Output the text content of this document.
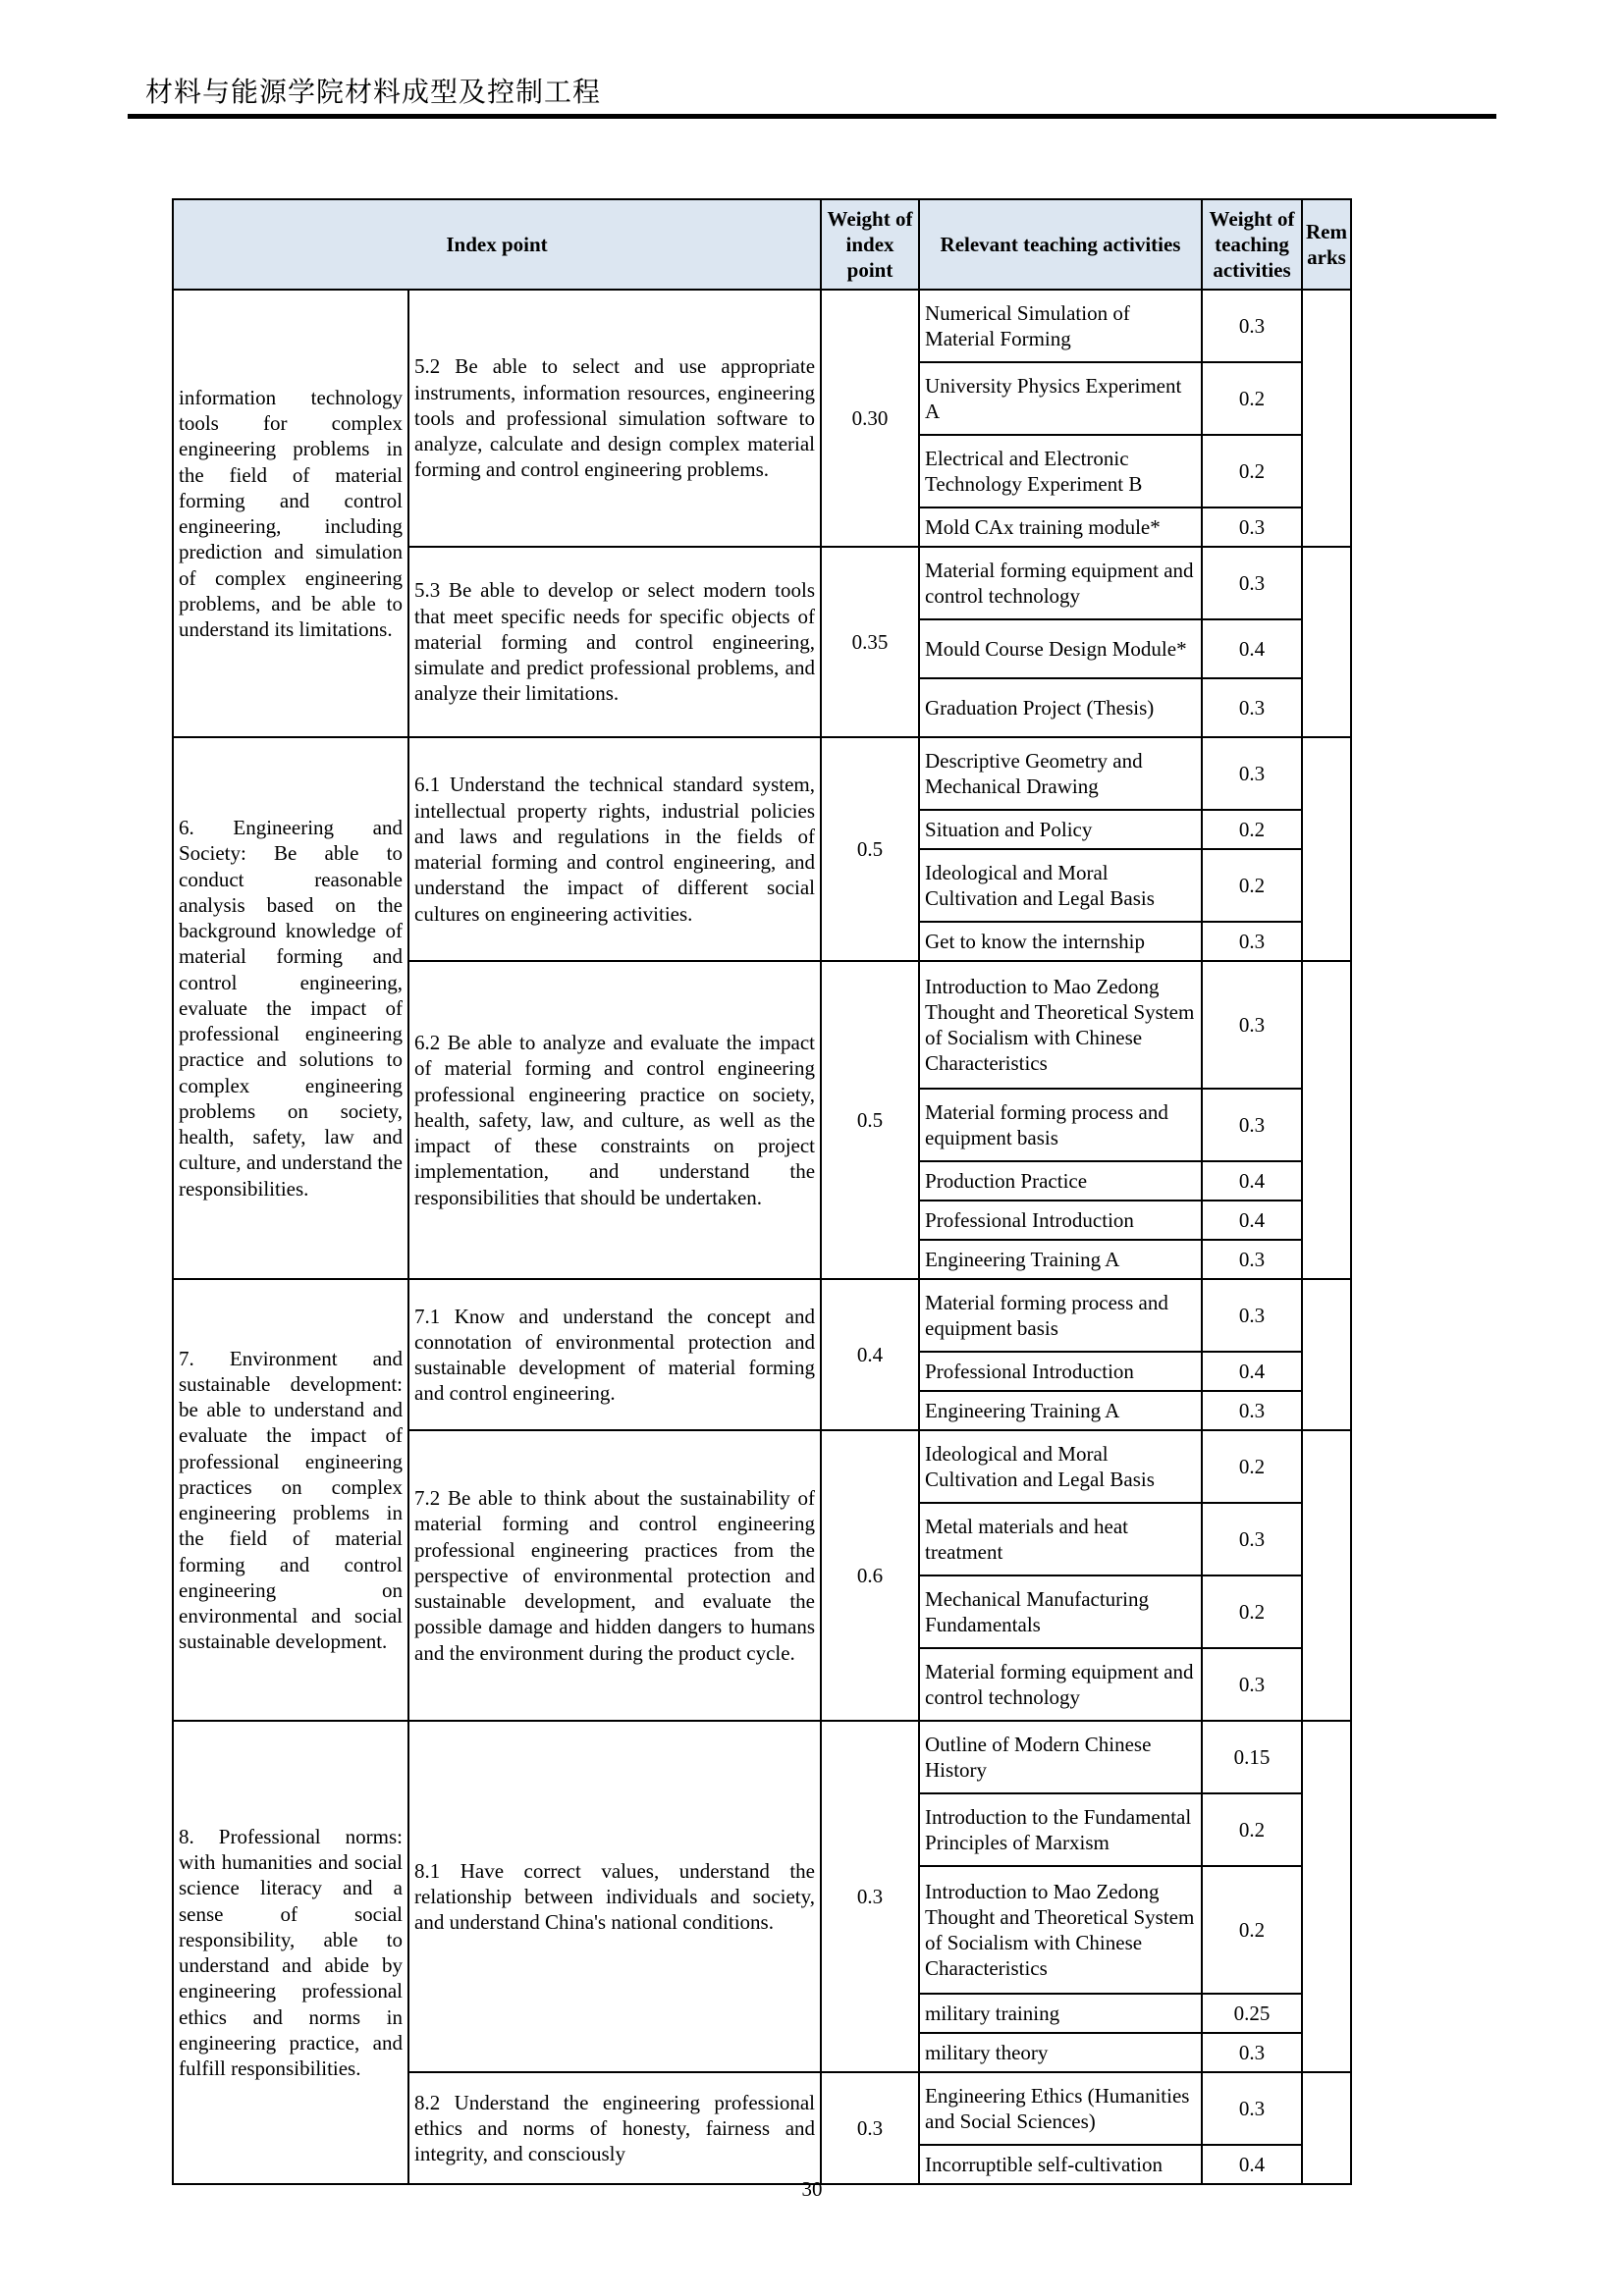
材料与能源学院材料成型及控制工程
Index point		Weight of index point	Relevant teaching activities	Weight of teaching activities	Remarks
information technology tools for complex engineering problems in the field of material forming and control engineering, including prediction and simulation of complex engineering problems, and be able to understand its limitations.	5.2 Be able to select and use appropriate instruments, information resources, engineering tools and professional simulation software to analyze, calculate and design complex material forming and control engineering problems.	0.30	Numerical Simulation of Material Forming	0.3	
			University Physics Experiment A	0.2	
			Electrical and Electronic Technology Experiment B	0.2	
			Mold CAx training module*	0.3	
	5.3 Be able to develop or select modern tools that meet specific needs for specific objects of material forming and control engineering, simulate and predict professional problems, and analyze their limitations.	0.35	Material forming equipment and control technology	0.3	
			Mould Course Design Module*	0.4	
			Graduation Project (Thesis)	0.3	
6. Engineering and Society: Be able to conduct reasonable analysis based on the background knowledge of material forming and control engineering, evaluate the impact of professional engineering practice and solutions to complex engineering problems on society, health, safety, law and culture, and understand the responsibilities.	6.1 Understand the technical standard system, intellectual property rights, industrial policies and laws and regulations in the fields of material forming and control engineering, and understand the impact of different social cultures on engineering activities.	0.5	Descriptive Geometry and Mechanical Drawing	0.3	
			Situation and Policy	0.2	
			Ideological and Moral Cultivation and Legal Basis	0.2	
			Get to know the internship	0.3	
	6.2 Be able to analyze and evaluate the impact of material forming and control engineering professional engineering practice on society, health, safety, law, and culture, as well as the impact of these constraints on project implementation, and understand the responsibilities that should be undertaken.	0.5	Introduction to Mao Zedong Thought and Theoretical System of Socialism with Chinese Characteristics	0.3	
			Material forming process and equipment basis	0.3	
			Production Practice	0.4	
			Professional Introduction	0.4	
			Engineering Training A	0.3	
7. Environment and sustainable development: be able to understand and evaluate the impact of professional engineering practices on complex engineering problems in the field of material forming and control engineering on environmental and social sustainable development.	7.1 Know and understand the concept and connotation of environmental protection and sustainable development of material forming and control engineering.	0.4	Material forming process and equipment basis	0.3	
			Professional Introduction	0.4	
			Engineering Training A	0.3	
	7.2 Be able to think about the sustainability of material forming and control engineering professional engineering practices from the perspective of environmental protection and sustainable development, and evaluate the possible damage and hidden dangers to humans and the environment during the product cycle.	0.6	Ideological and Moral Cultivation and Legal Basis	0.2	
			Metal materials and heat treatment	0.3	
			Mechanical Manufacturing Fundamentals	0.2	
			Material forming equipment and control technology	0.3	
8. Professional norms: with humanities and social science literacy and a sense of social responsibility, able to understand and abide by engineering professional ethics and norms in engineering practice, and fulfill responsibilities.	8.1 Have correct values, understand the relationship between individuals and society, and understand China's national conditions.	0.3	Outline of Modern Chinese History	0.15	
			Introduction to the Fundamental Principles of Marxism	0.2	
			Introduction to Mao Zedong Thought and Theoretical System of Socialism with Chinese Characteristics	0.2	
			military training	0.25	
			military theory	0.3	
	8.2 Understand the engineering professional ethics and norms of honesty, fairness and integrity, and consciously	0.3	Engineering Ethics (Humanities and Social Sciences)	0.3	
			Incorruptible self-cultivation	0.4	
30
